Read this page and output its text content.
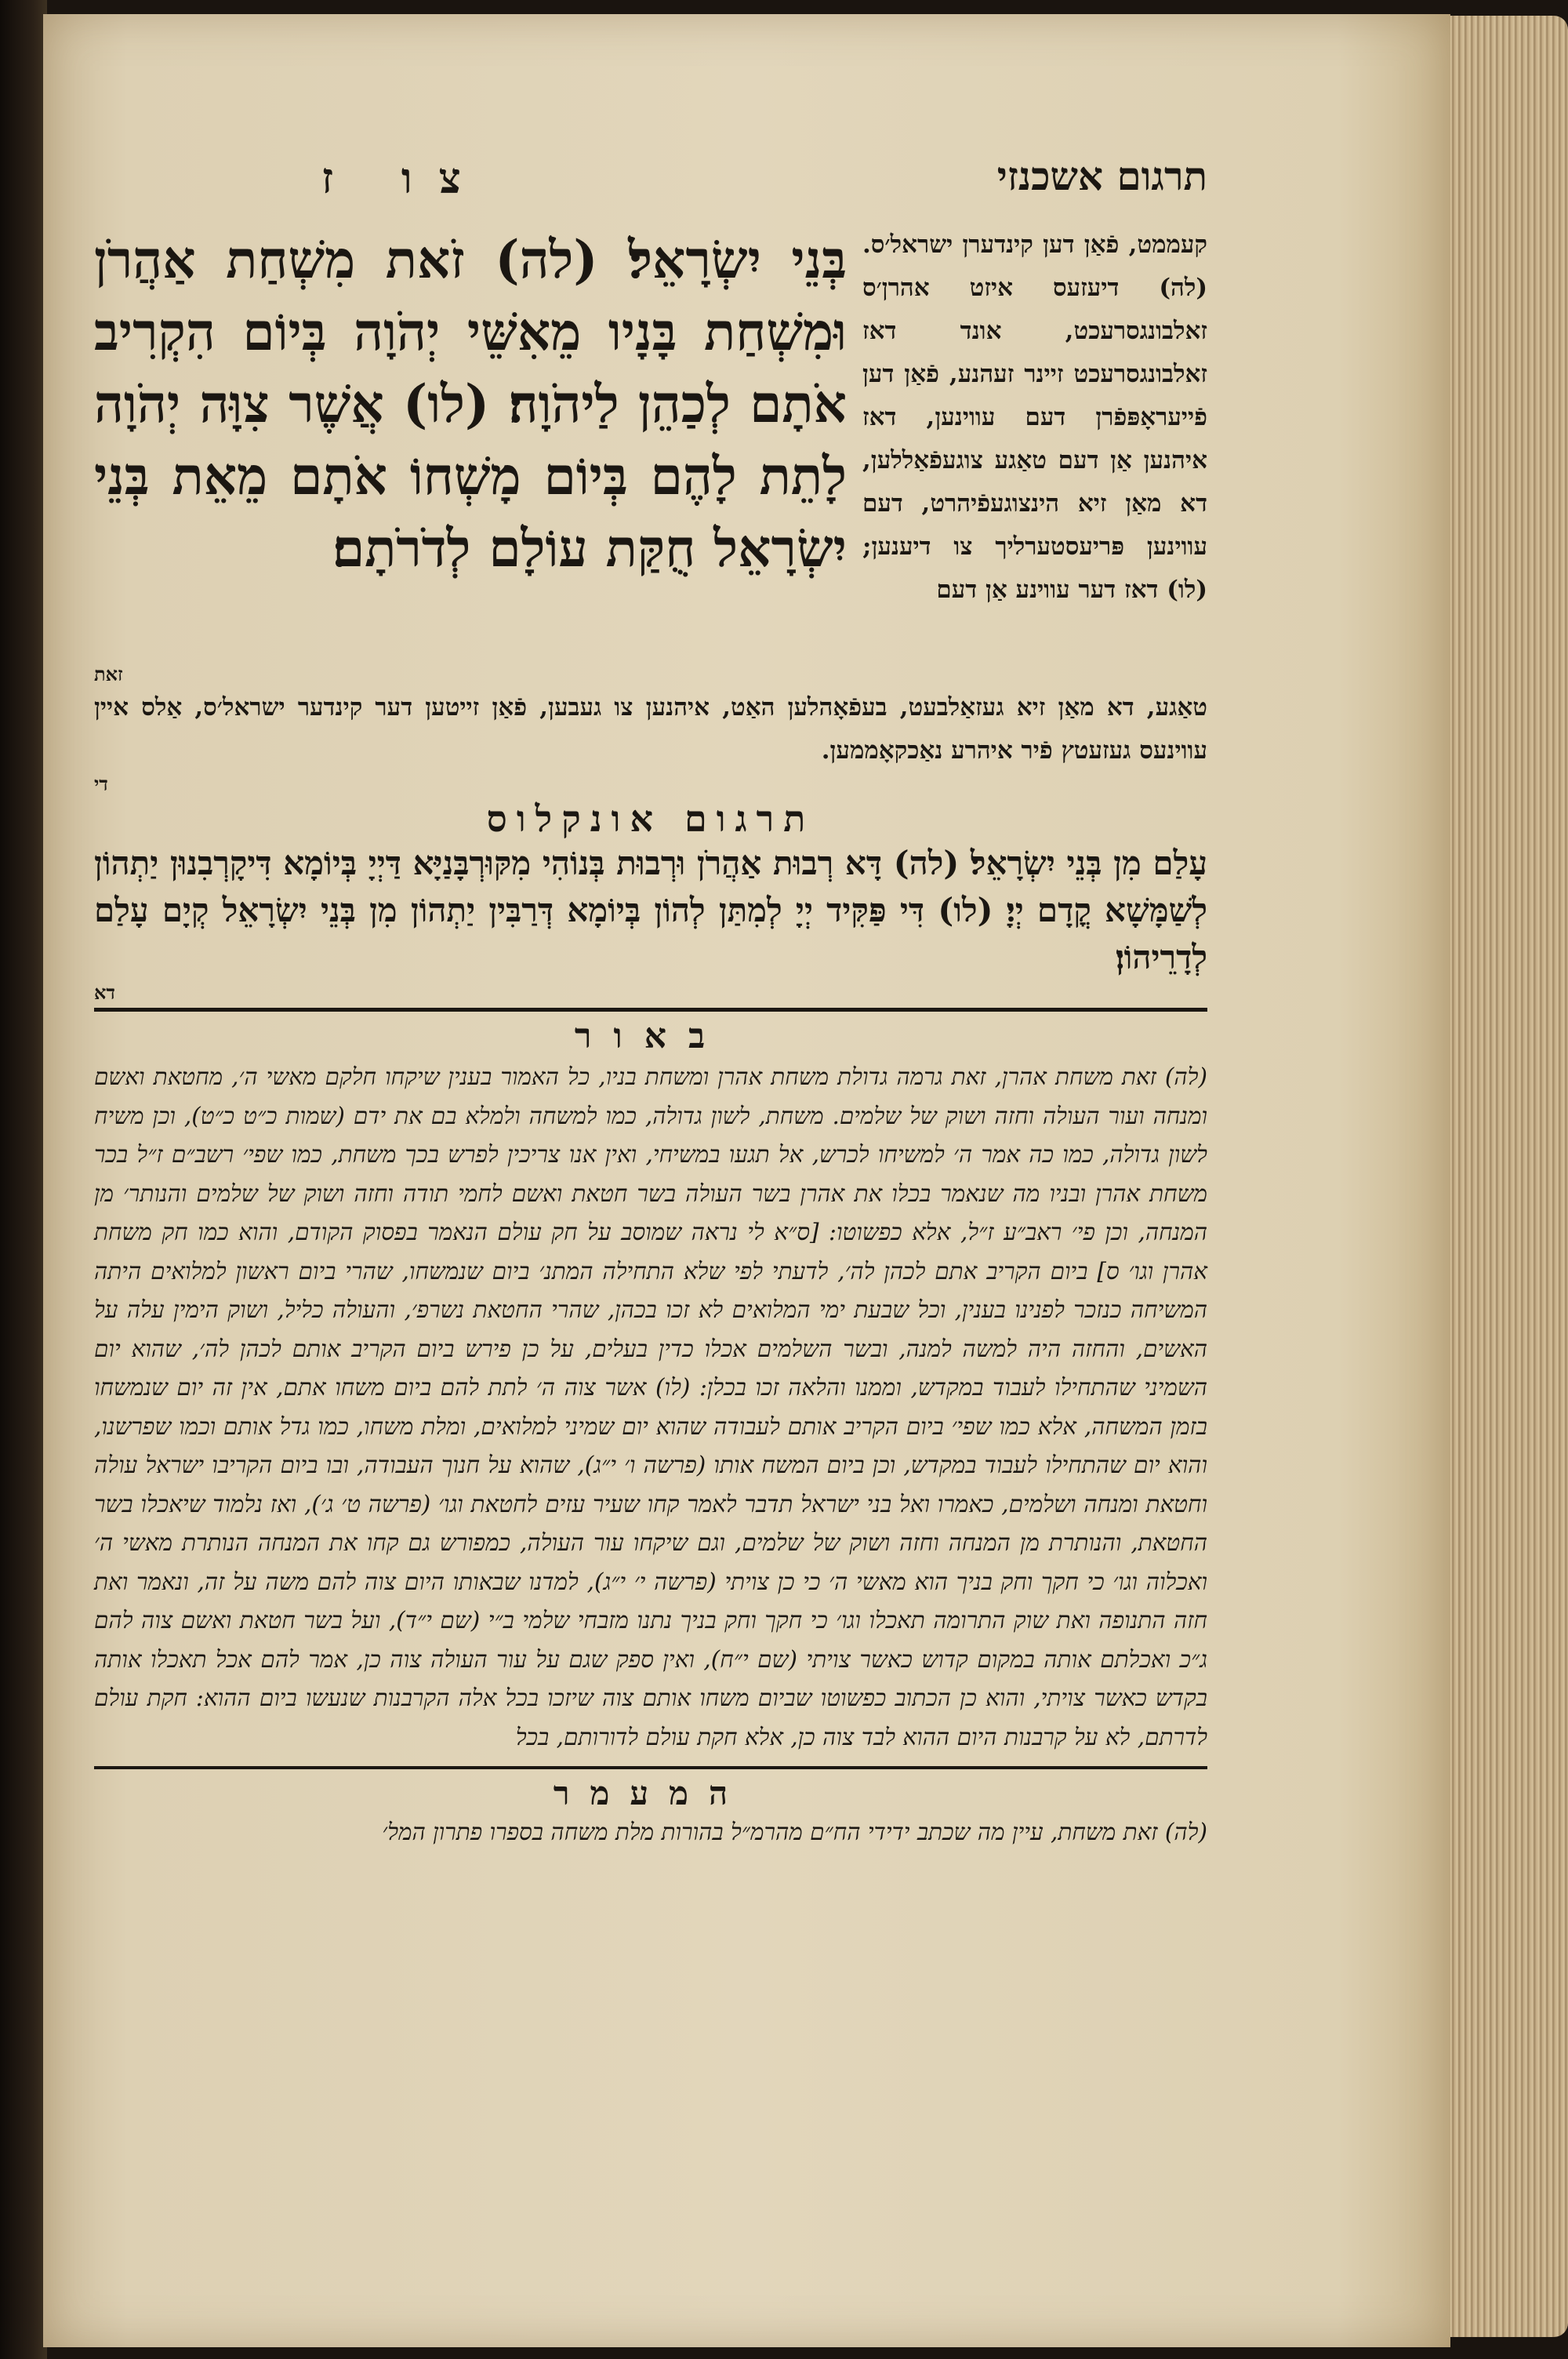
צו ז	תרגום אשכנזי
קעממט, פֿאַן דען קינדערן ישראל׳ס. (לה) דיעזעס איזט אהרן׳ס זאלבונגסרעכט, אונד דאז זאלבונגסרעכט זיינר זעהנע, פֿאַן דען פֿייעראָפּפֿרן דעם עווינען, דאז איהנען אַן דעם טאַגע צוגעפֿאַללען, דא מאַן זיא הינצוגעפֿיהרט, דעם עווינען פּריעסטערליך צו דיענען; (לו) דאז דער עווינע אַן דעם
בְּנֵי יִשְׂרָאֵל׃ (לה) זֹאת מִשְׁחַת אַהֲרֹן וּמִשְׁחַת בָּנָיו מֵאִשֵּׁי יְהֹוָה בְּיוֹם הִקְרִיב אֹתָם לְכַהֵן לַיהֹוָה׃ (לו) אֲשֶׁר צִוָּה יְהֹוָה לָתֵת לָהֶם בְּיוֹם מָשְׁחוֹ אֹתָם מֵאֵת בְּנֵי יִשְׂרָאֵל חֻקַּת עוֹלָם לְדֹרֹתָם׃
זאת
טאַגע, דא מאַן זיא געזאַלבעט, בעפֿאָהלען האַט, איהנען צו געבען, פֿאַן זייטען דער קינדער ישראל׳ס, אַלס איין עווינעס געזעטץ פֿיר איהרע נאַכקאָממען.
די
תרגום אונקלוס
עָלַם מִן בְּנֵי יִשְׂרָאֵל׃ (לה) דָּא רְבוּת אַהֲרֹן וּרְבוּת בְּנוֹהִי מִקּוּרְבָּנַיָּא דַּיְיָ בְּיוֹמָא דִּיקָרְבִנוּן יַתְהוֹן לְשַׁמָּשָׁא קֳדָם יְיָ׃ (לו) דִּי פַּקִּיד יְיָ לְמִתַּן לְהוֹן בְּיוֹמָא דְּרַבִּין יַתְהוֹן מִן בְּנֵי יִשְׂרָאֵל קְיָם עָלַם לְדָרֵיהוֹן׃
דא
באור
(לה) זאת משחת אהרן, זאת גרמה גדולת משחת אהרן ומשחת בניו, כל האמור בענין שיקחו חלקם מאשי ה׳, מחטאת ואשם ומנחה ועור העולה וחזה ושוק של שלמים. משחת, לשון גדולה, כמו למשחה ולמלא בם את ידם (שמות כ״ט כ״ט), וכן משיח לשון גדולה, כמו כה אמר ה׳ למשיחו לכרש, אל תגעו במשיחי, ואין אנו צריכין לפרש בכך משחת, כמו שפי׳ רשב״ם ז״ל בכר משחת אהרן ובניו מה שנאמר בכלו את אהרן בשר העולה בשר חטאת ואשם לחמי תודה וחזה ושוק של שלמים והנותר׳ מן המנחה, וכן פי׳ ראב״ע ז״ל, אלא כפשוטו: [ס״א לי נראה שמוסב על חק עולם הנאמר בפסוק הקודם, והוא כמו חק משחת אהרן וגו׳ ס] ביום הקריב אתם לכהן לה׳, לדעתי לפי שלא התחילה המתנ׳ ביום שנמשחו, שהרי ביום ראשון למלואים היתה המשיחה כנזכר לפנינו בענין, וכל שבעת ימי המלואים לא זכו בכהן, שהרי החטאת נשרפ׳, והעולה כליל, ושוק הימין עלה על האשים, והחזה היה למשה למנה, ובשר השלמים אכלו כדין בעלים, על כן פירש ביום הקריב אותם לכהן לה׳, שהוא יום השמיני שהתחילו לעבוד במקדש, וממנו והלאה זכו בכלן: (לו) אשר צוה ה׳ לתת להם ביום משחו אתם, אין זה יום שנמשחו בזמן המשחה, אלא כמו שפי׳ ביום הקריב אותם לעבודה שהוא יום שמיני למלואים, ומלת משחו, כמו גדל אותם וכמו שפרשנו, והוא יום שהתחילו לעבוד במקדש, וכן ביום המשח אותו (פרשה ו׳ י״ג), שהוא על חנוך העבודה, ובו ביום הקריבו ישראל עולה וחטאת ומנחה ושלמים, כאמרו ואל בני ישראל תדבר לאמר קחו שעיר עזים לחטאת וגו׳ (פרשה ט׳ ג׳), ואז נלמוד שיאכלו בשר החטאת, והנותרת מן המנחה וחזה ושוק של שלמים, וגם שיקחו עור העולה, כמפורש גם קחו את המנחה הנותרת מאשי ה׳ ואכלוה וגו׳ כי חקך וחק בניך הוא מאשי ה׳ כי כן צויתי (פרשה י׳ י״ג), למדנו שבאותו היום צוה להם משה על זה, ונאמר ואת חזה התנופה ואת שוק התרומה תאכלו וגו׳ כי חקך וחק בניך נתנו מזבחי שלמי ב״י (שם י״ד), ועל בשר חטאת ואשם צוה להם ג״כ ואכלתם אותה במקום קדוש כאשר צויתי (שם י״ח), ואין ספק שגם על עור העולה צוה כן, אמר להם אכל תאכלו אותה בקדש כאשר צויתי, והוא כן הכתוב כפשוטו שביום משחו אותם צוה שיזכו בכל אלה הקרבנות שנעשו ביום ההוא: חקת עולם לדרתם, לא על קרבנות היום ההוא לבד צוה כן, אלא חקת עולם לדורותם, בכל
המעמר
(לה) זאת משחת, עיין מה שכתב ידידי הח״ם מהרמ״ל בהורות מלת משחה בספרו פתרון המל׳
